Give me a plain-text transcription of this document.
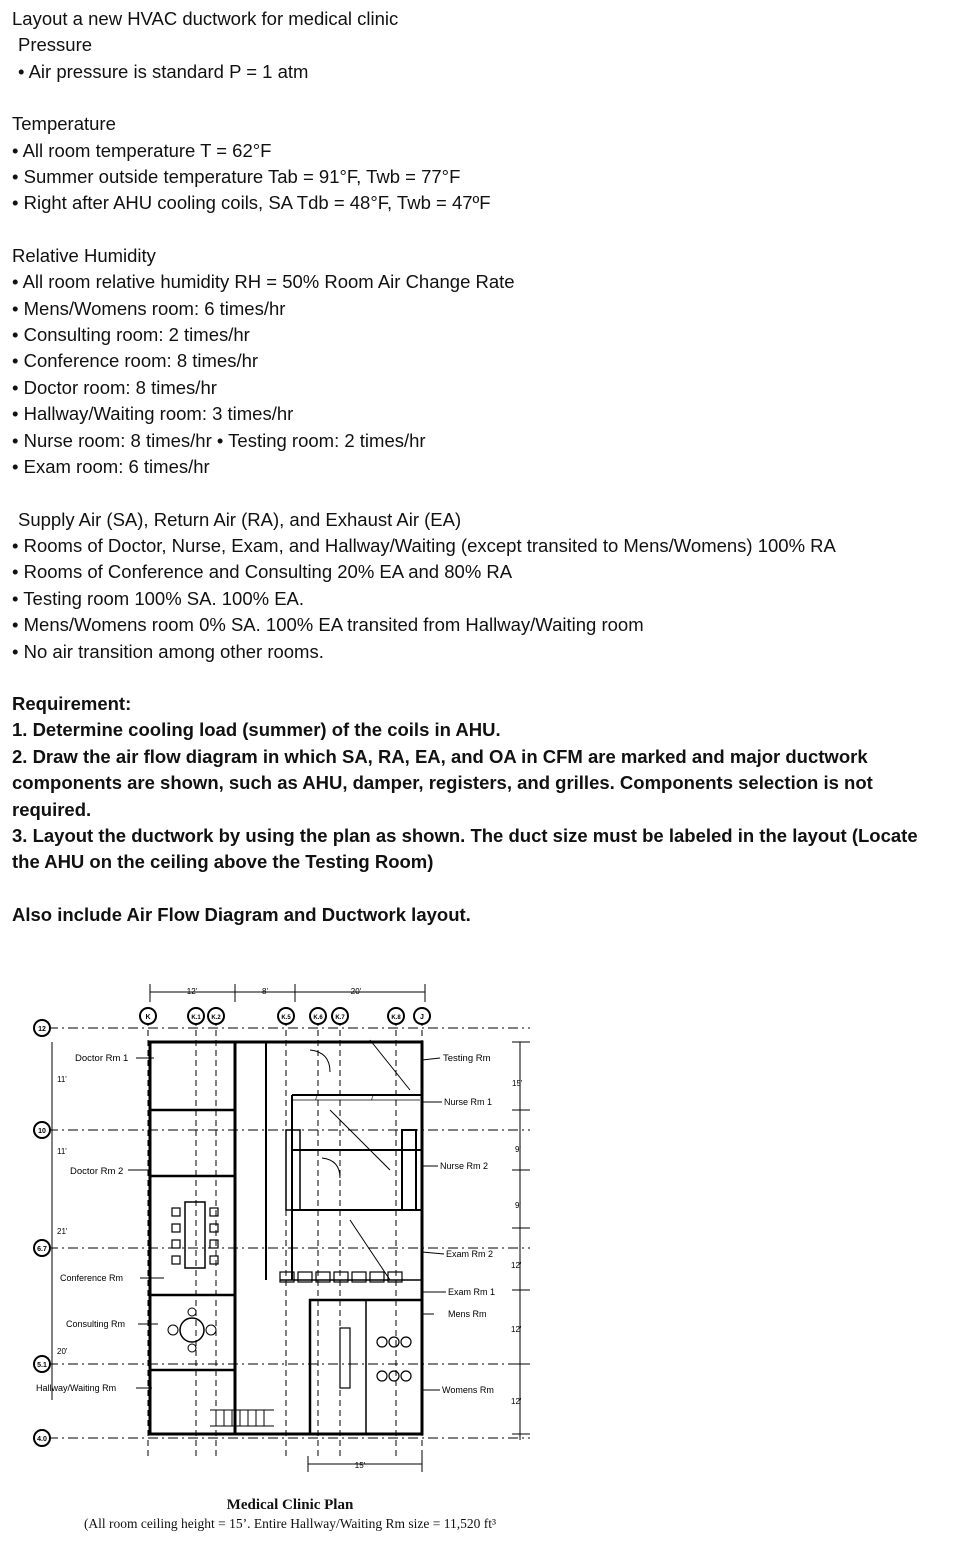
Layout a new HVAC ductwork for medical clinic

Pressure

• Air pressure is standard P = 1 atm

Temperature

• All room temperature T = 62°F

• Summer outside temperature Tab = 91°F, Twb = 77°F

• Right after AHU cooling coils, SA Tdb = 48°F, Twb = 47ºF

Relative Humidity

• All room relative humidity RH = 50% Room Air Change Rate

• Mens/Womens room: 6 times/hr

• Consulting room: 2 times/hr

• Conference room: 8 times/hr

• Doctor room: 8 times/hr

• Hallway/Waiting room: 3 times/hr

• Nurse room: 8 times/hr • Testing room: 2 times/hr

• Exam room: 6 times/hr

Supply Air (SA), Return Air (RA), and Exhaust Air (EA)

• Rooms of Doctor, Nurse, Exam, and Hallway/Waiting (except transited to Mens/Womens) 100% RA

• Rooms of Conference and Consulting 20% EA and 80% RA

• Testing room 100% SA. 100% EA.

• Mens/Womens room 0% SA. 100% EA transited from Hallway/Waiting room

• No air transition among other rooms.

Requirement:

1. Determine cooling load (summer) of the coils in AHU.

2. Draw the air flow diagram in which SA, RA, EA, and OA in CFM are marked and major ductwork components are shown, such as AHU, damper, registers, and grilles. Components selection is not required.

3. Layout the ductwork by using the plan as shown. The duct size must be labeled in the layout (Locate the AHU on the ceiling above the Testing Room)

Also include Air Flow Diagram and Ductwork layout.

12
10
6.7
5.1
4.0
K	K.1 K.2	K.5	K.6 K.7	K.8	J
12'	8'	20'
Doctor Rm 1
Doctor Rm 2
Conference Rm
Consulting Rm
Hallway/Waiting Rm
11'
11'
21'
20'
Testing Rm
Nurse Rm 1
Nurse Rm 2
Exam Rm 2
Exam Rm 1
Mens Rm
Womens Rm
15'
9'
9'
12'
12'
12'
7'	7'
15'
Medical Clinic Plan
(All room ceiling height = 15’. Entire Hallway/Waiting Rm size = 11,520 ft³
